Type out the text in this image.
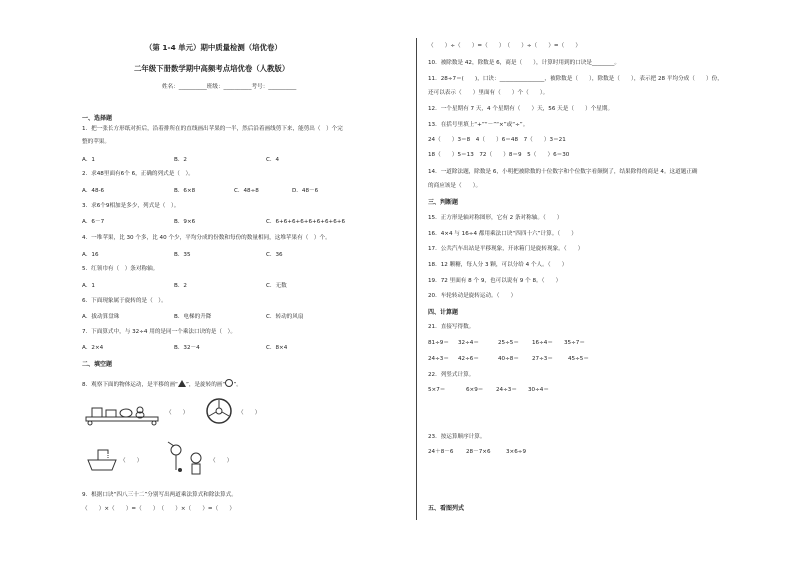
（第 1-4 单元）期中质量检测（培优卷）
二年级下册数学期中高频考点培优卷（人教版）
姓名：__________班级：__________考号：__________
一、选择题
1．把一张长方形纸对折后，沿着排所在的直线画出苹果的一半，然后沿着画线剪下来，能剪出（　）个完
整的苹果。
A．1	B．2	C．4
2．求48里面有6个 6，正确的列式是（　）。
A．48-6	B．6×8	C．48÷8	D．48－6
3．求6个9相加是多少，列式是（　）。
A．6－7	B．9×6	C．6+6+6+6+6+6+6+6+6
4．一堆苹果，比 30 个多，比 40 个少，平均分成的份数和每份的数量相同，这堆苹果有（　）个。
A．16	B．35	C．36
5．红领巾有（　）条对称轴。
A．1	B．2	C．无数
6．下面现象属于旋转的是（　）。
A．拔动算盘珠	B．电梯的升降	C．转动的风扇
7．下面算式中，与 32÷4 用的是同一个乘法口诀的是（　）。
A．2×4	B．32－4	C．8×4
二、填空题
8．观察下面的物体运动，是平移的画“ ”，是旋转的画“ ”。
（　　）	（　　）
（　　）	（　　）
9．根据口诀“四八三十二”分别写出两道乘法算式和除法算式。
（　　）×（　　）=（　　）　（　　）×（　　）=（　　）
（　　）÷（　　）=（　　）　（　　）÷（　　）=（　　）
10．被除数是 42，除数是 6，商是（　　），计算时用到的口诀是________。
11．28÷7＝(　　)，口诀：________________，被除数是（　　），除数是（　　），表示把 28 平均分成（　　）份，
还可以表示（　　）里面有（　　）个（　　）。
12．一个星期有 7 天，4 个星期有（　　）天，56 天是（　　）个星期。
13．在括号里填上“+”“－”“×”或“÷”。
24（　　）3＝8　4（　　）6＝48　7（　　）3＝21
18（　　）5＝13　72（　　）8＝9　5（　　）6＝30
14．一道除法题，除数是 6，小明把被除数的十位数字和个位数字看颠倒了，结果除得的商是 4。这道题正确
的商应该是（　　）。
三、判断题
15．正方形是轴对称图形，它有 2 条对称轴。（　　）
16．4×4 与 16÷4 都用乘法口诀“四四十六”计算。（　　）
17．公共汽车出站是平移现象，开冰箱门是旋转现象。（　　）
18．12 颗糖，每人分 3 颗，可以分给 4 个人。（　　）
19．72 里面有 8 个 9，也可以说有 9 个 8。（　　）
20．车轮转动是旋转运动。（　　）
四、计算题
21．直接写得数。
81÷9＝ 32÷4＝	25÷5＝ 16÷4＝ 35÷7＝
24÷3＝ 42÷6＝	40÷8＝ 27÷3＝	45÷5＝
22．列竖式计算。
5×7＝	6×9＝ 24÷3＝ 30÷4＝
23．按运算顺序计算。
24＋8－6 28－7×6	3×6÷9
五、看图列式
